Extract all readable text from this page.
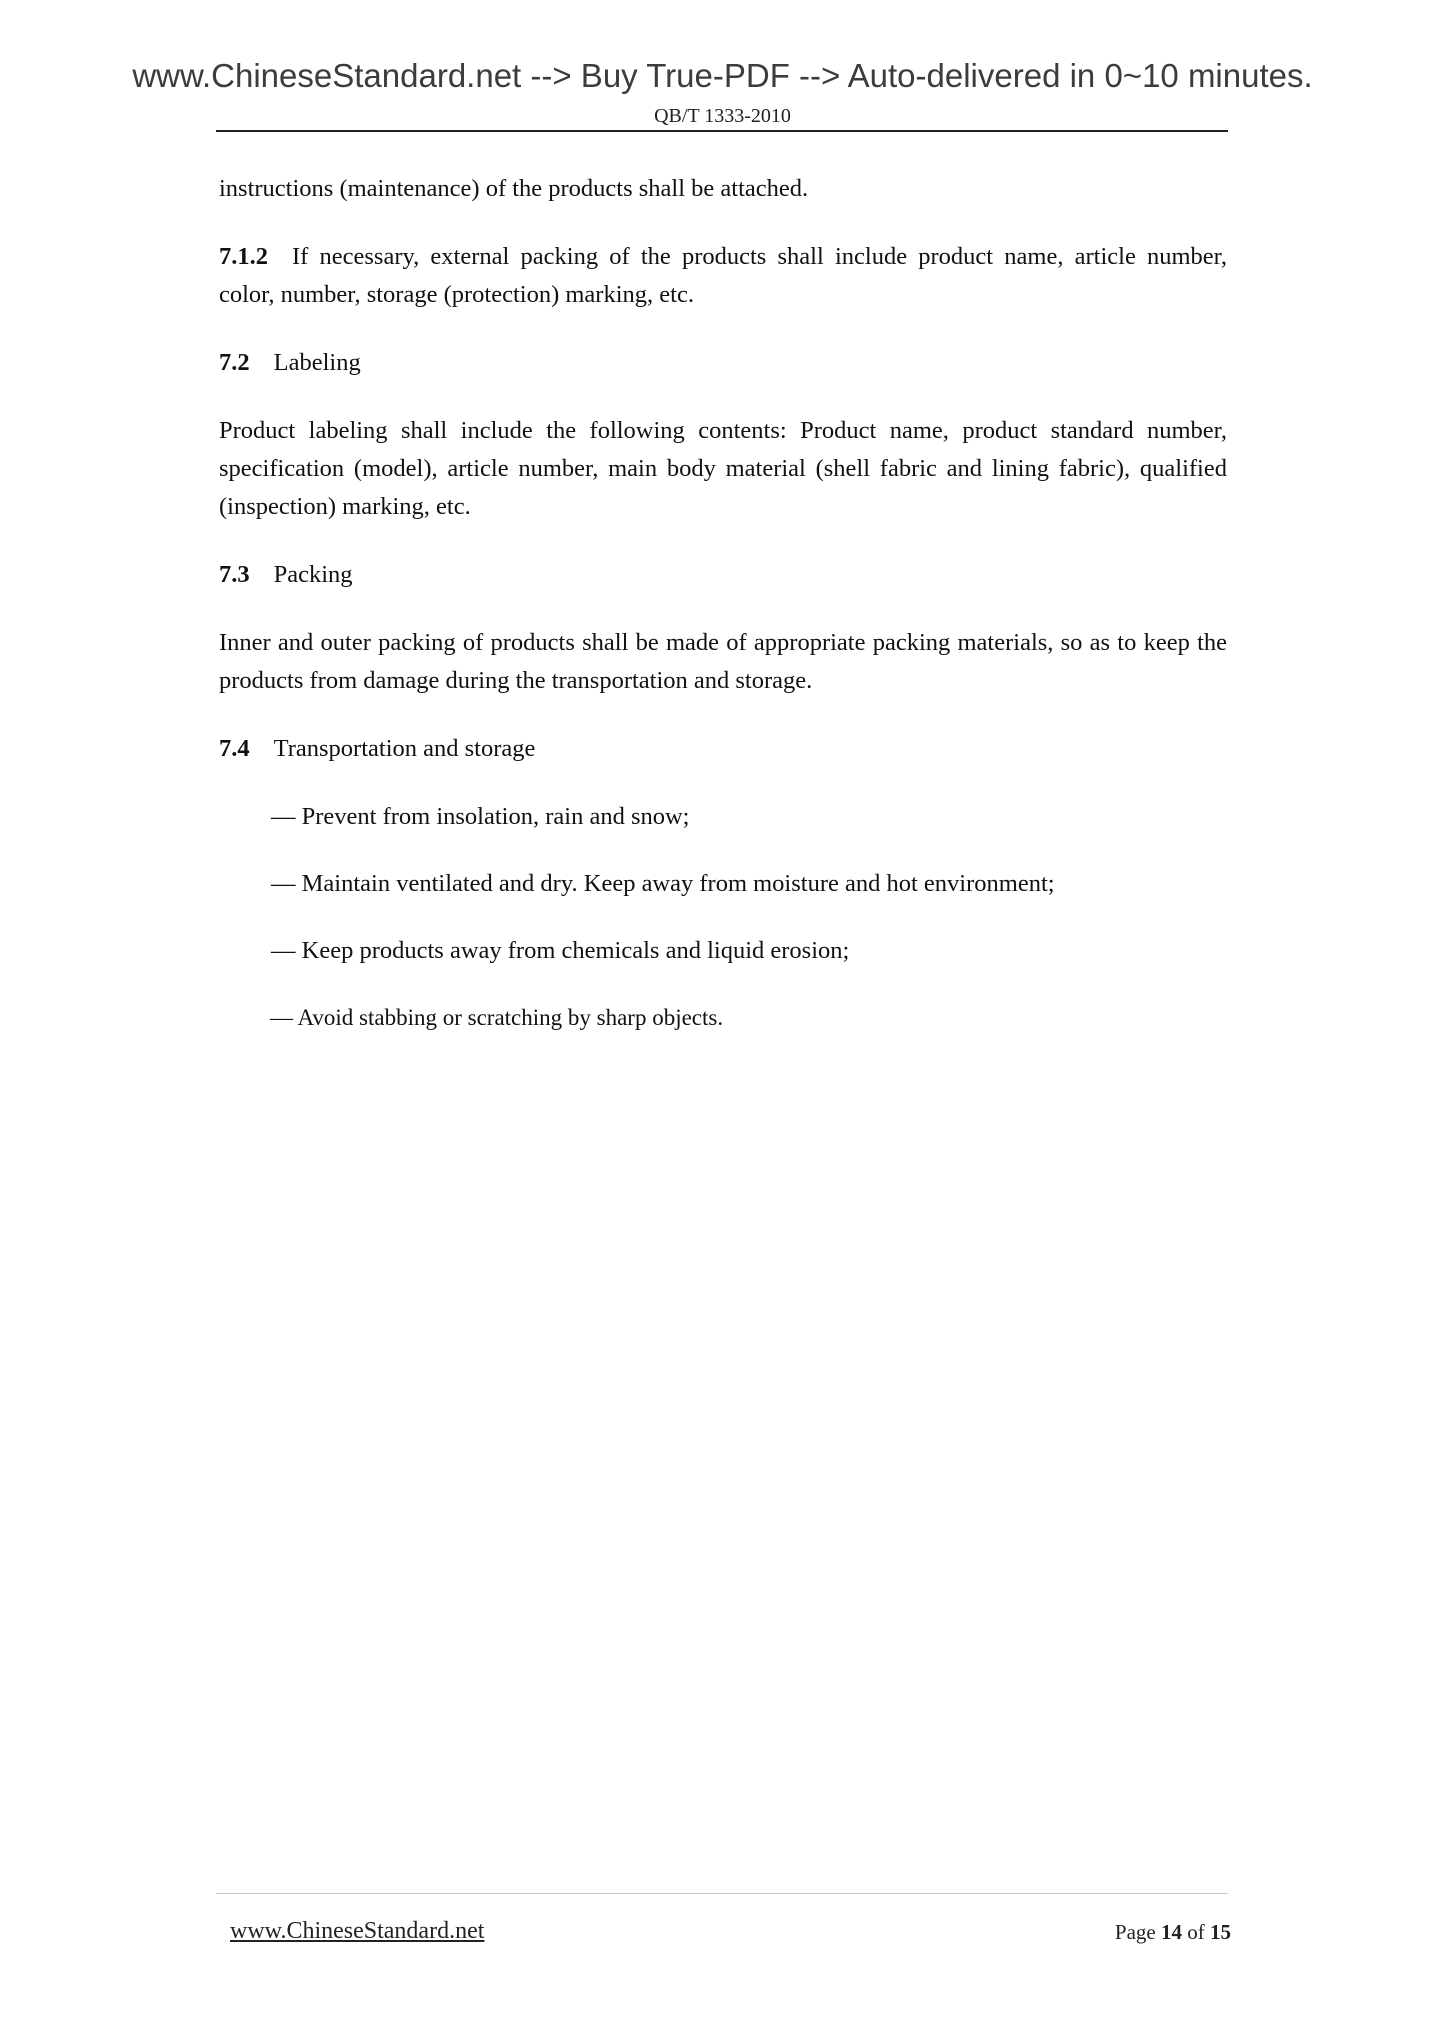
www.ChineseStandard.net --> Buy True-PDF --> Auto-delivered in 0~10 minutes.
QB/T 1333-2010

instructions (maintenance) of the products shall be attached.

7.1.2 If necessary, external packing of the products shall include product name, article number, color, number, storage (protection) marking, etc.

7.2 Labeling

Product labeling shall include the following contents: Product name, product standard number, specification (model), article number, main body material (shell fabric and lining fabric), qualified (inspection) marking, etc.

7.3 Packing

Inner and outer packing of products shall be made of appropriate packing materials, so as to keep the products from damage during the transportation and storage.

7.4 Transportation and storage

— Prevent from insolation, rain and snow;

— Maintain ventilated and dry. Keep away from moisture and hot environment;

— Keep products away from chemicals and liquid erosion;

— Avoid stabbing or scratching by sharp objects.

www.ChineseStandard.net	Page 14 of 15
